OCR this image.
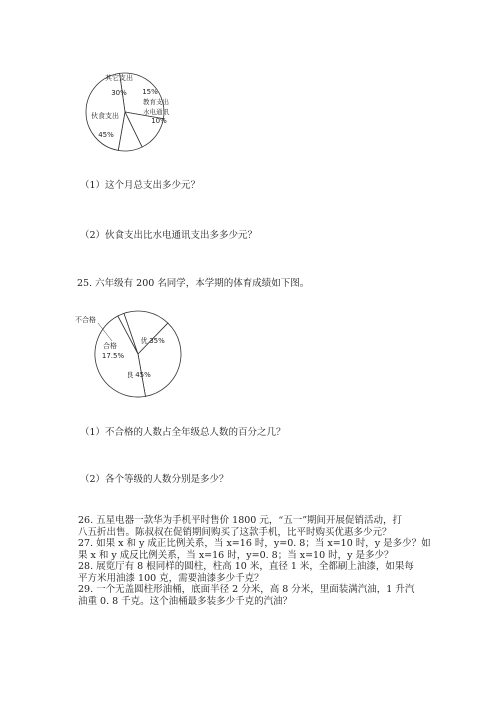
其它支出
30% 15%
教育支出
水电通讯
10%
伙食支出
45%
（1）这个月总支出多少元？
（2）伙食支出比水电通讯支出多多少元？
25. 六年级有 200 名同学，本学期的体育成绩如下图。
不合格
合格
17.5%
优 35%
良 45%
（1）不合格的人数占全年级总人数的百分之几？
（2）各个等级的人数分别是多少？
26. 五星电器一款华为手机平时售价 1800 元，“五一”期间开展促销活动，打
八五折出售。陈叔叔在促销期间购买了这款手机，比平时购买优惠多少元？
27. 如果 x 和 y 成正比例关系，当 x=16 时，y=0. 8；当 x=10 时，y 是多少？如
果 x 和 y 成反比例关系，当 x=16 时，y=0. 8；当 x=10 时，y 是多少？
28. 展览厅有 8 根同样的圆柱，柱高 10 米，直径 1 米，全都刷上油漆，如果每
平方米用油漆 100 克，需要油漆多少千克？
29. 一个无盖圆柱形油桶，底面半径 2 分米，高 8 分米，里面装满汽油，1 升汽
油重 0. 8 千克。这个油桶最多装多少千克的汽油？
